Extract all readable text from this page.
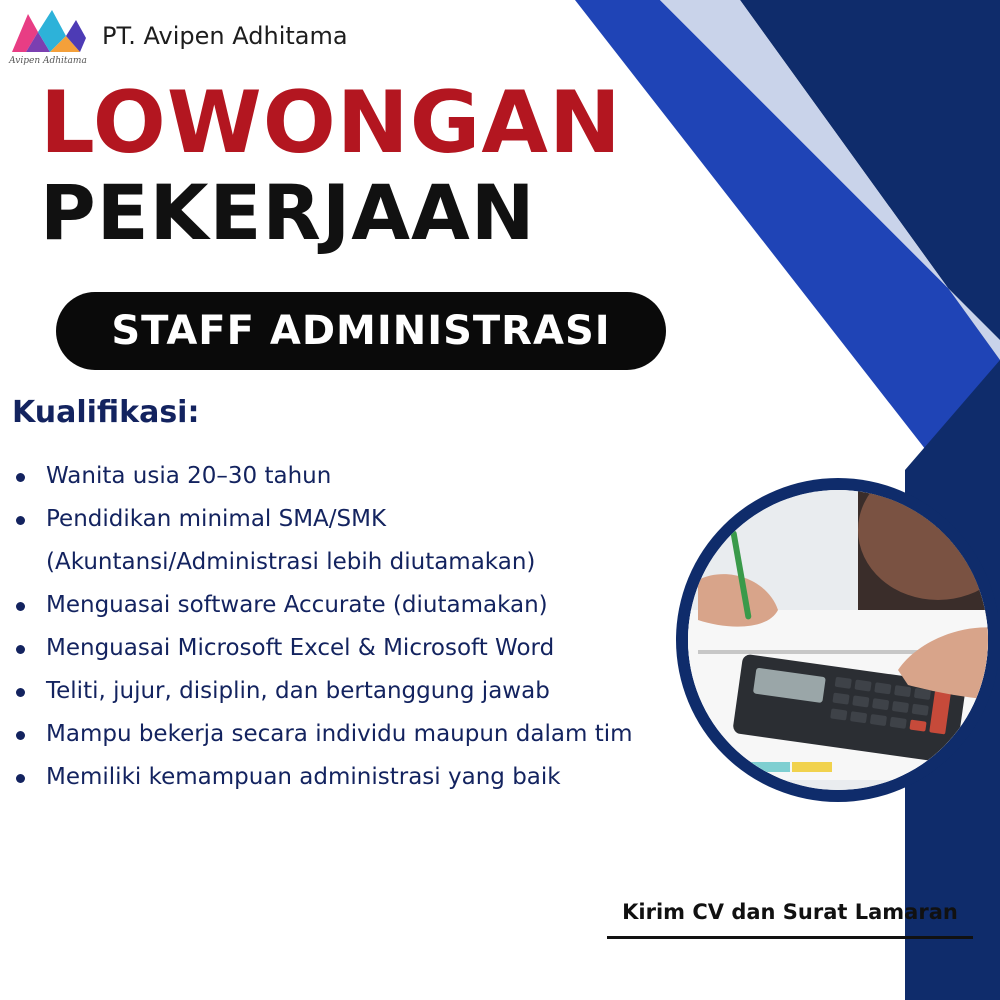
Avipen Adhitama
PT. Avipen Adhitama
LOWONGAN
PEKERJAAN
STAFF ADMINISTRASI
Kualifikasi:
Wanita usia 20–30 tahun
Pendidikan minimal SMA/SMK (Akuntansi/Administrasi lebih diutamakan)
Menguasai software Accurate (diutamakan)
Menguasai Microsoft Excel & Microsoft Word
Teliti, jujur, disiplin, dan bertanggung jawab
Mampu bekerja secara individu maupun dalam tim
Memiliki kemampuan administrasi yang baik
Kirim CV dan Surat Lamaran
